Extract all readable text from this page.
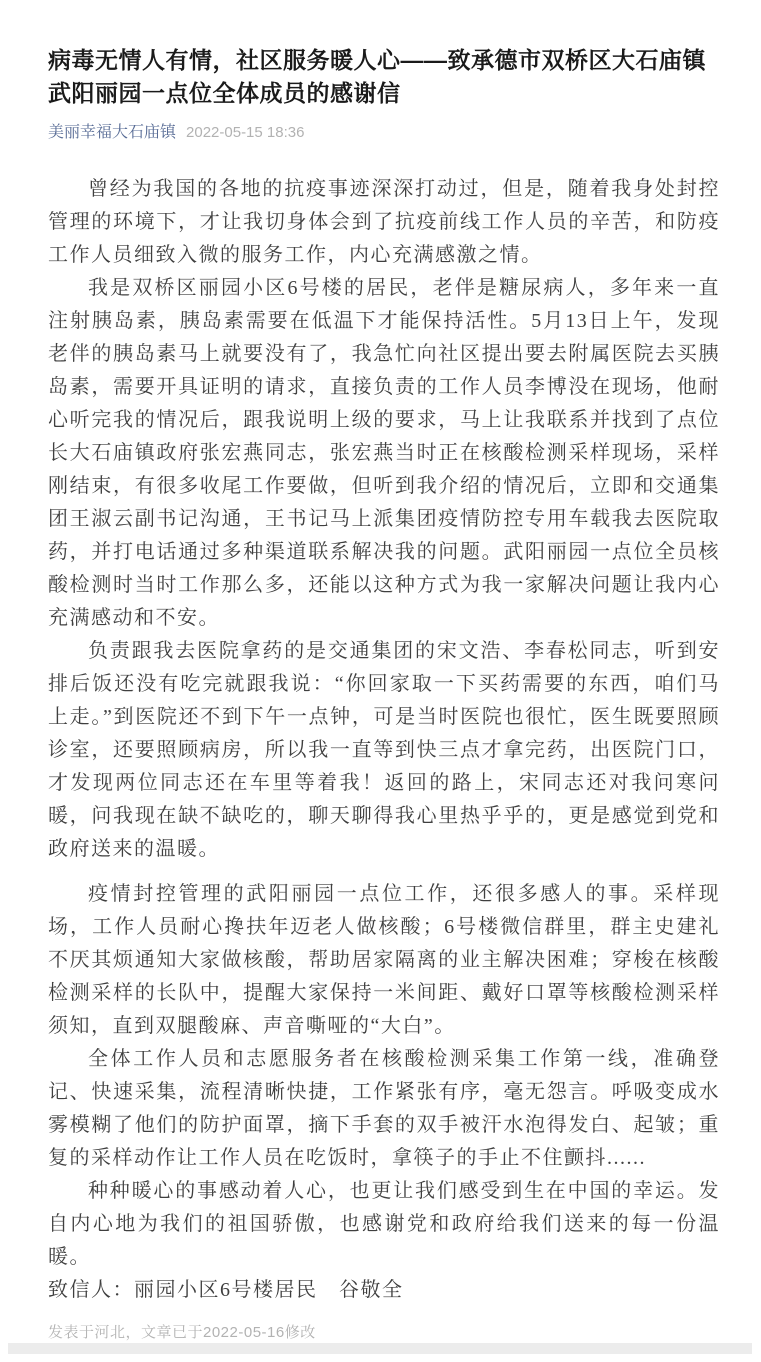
病毒无情人有情，社区服务暖人心——致承德市双桥区大石庙镇武阳丽园一点位全体成员的感谢信
美丽幸福大石庙镇 2022-05-15 18:36

曾经为我国的各地的抗疫事迹深深打动过，但是，随着我身处封控管理的环境下，才让我切身体会到了抗疫前线工作人员的辛苦，和防疫工作人员细致入微的服务工作，内心充满感激之情。

我是双桥区丽园小区6号楼的居民，老伴是糖尿病人，多年来一直注射胰岛素，胰岛素需要在低温下才能保持活性。5月13日上午，发现老伴的胰岛素马上就要没有了，我急忙向社区提出要去附属医院去买胰岛素，需要开具证明的请求，直接负责的工作人员李博没在现场，他耐心听完我的情况后，跟我说明上级的要求，马上让我联系并找到了点位长大石庙镇政府张宏燕同志，张宏燕当时正在核酸检测采样现场，采样刚结束，有很多收尾工作要做，但听到我介绍的情况后，立即和交通集团王淑云副书记沟通，王书记马上派集团疫情防控专用车载我去医院取药，并打电话通过多种渠道联系解决我的问题。武阳丽园一点位全员核酸检测时当时工作那么多，还能以这种方式为我一家解决问题让我内心充满感动和不安。

负责跟我去医院拿药的是交通集团的宋文浩、李春松同志，听到安排后饭还没有吃完就跟我说：“你回家取一下买药需要的东西，咱们马上走。”到医院还不到下午一点钟，可是当时医院也很忙，医生既要照顾诊室，还要照顾病房，所以我一直等到快三点才拿完药，出医院门口，才发现两位同志还在车里等着我！返回的路上，宋同志还对我问寒问暖，问我现在缺不缺吃的，聊天聊得我心里热乎乎的，更是感觉到党和政府送来的温暖。

疫情封控管理的武阳丽园一点位工作，还很多感人的事。采样现场，工作人员耐心搀扶年迈老人做核酸；6号楼微信群里，群主史建礼不厌其烦通知大家做核酸，帮助居家隔离的业主解决困难；穿梭在核酸检测采样的长队中，提醒大家保持一米间距、戴好口罩等核酸检测采样须知，直到双腿酸麻、声音嘶哑的“大白”。

全体工作人员和志愿服务者在核酸检测采集工作第一线，准确登记、快速采集，流程清晰快捷，工作紧张有序，毫无怨言。呼吸变成水雾模糊了他们的防护面罩，摘下手套的双手被汗水泡得发白、起皱；重复的采样动作让工作人员在吃饭时，拿筷子的手止不住颤抖......

种种暖心的事感动着人心，也更让我们感受到生在中国的幸运。发自内心地为我们的祖国骄傲，也感谢党和政府给我们送来的每一份温暖。

致信人：丽园小区6号楼居民　谷敬全

发表于河北，文章已于2022-05-16修改
